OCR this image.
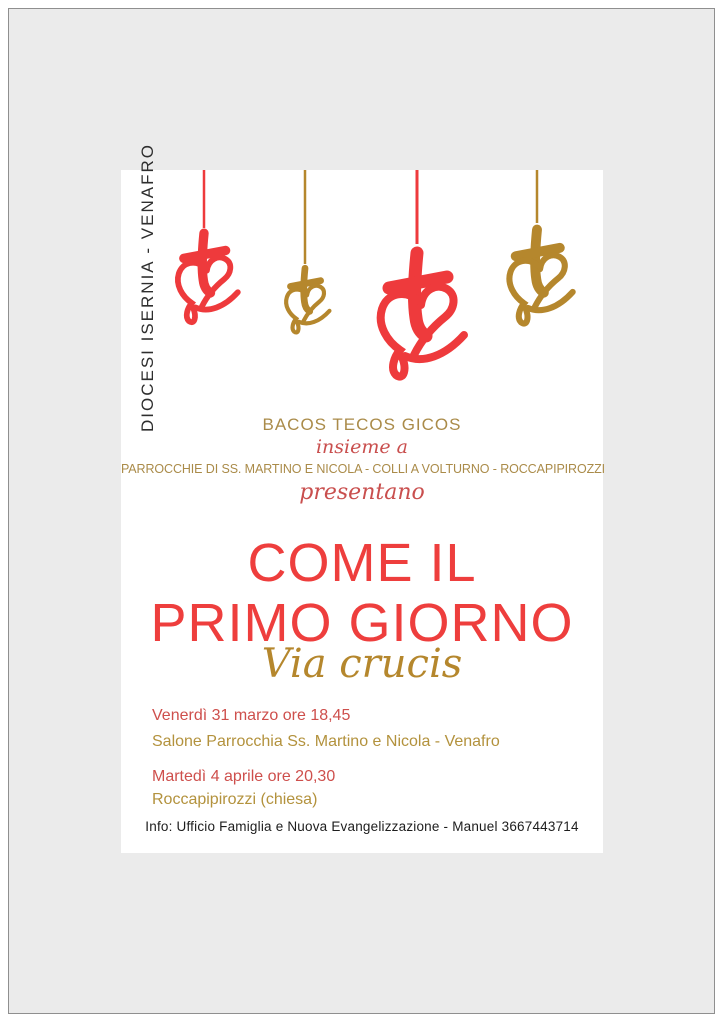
DIOCESI ISERNIA - VENAFRO	BACOS TECOS GICOS
insieme a
PARROCCHIE DI SS. MARTINO E NICOLA - COLLI A VOLTURNO - ROCCAPIPIROZZI
presentano
COME IL
PRIMO GIORNO
Via crucis
Venerdì 31 marzo ore 18,45
Salone Parrocchia Ss. Martino e Nicola - Venafro
Martedì 4 aprile ore 20,30
Roccapipirozzi (chiesa)
Info: Ufficio Famiglia e Nuova Evangelizzazione - Manuel 3667443714
